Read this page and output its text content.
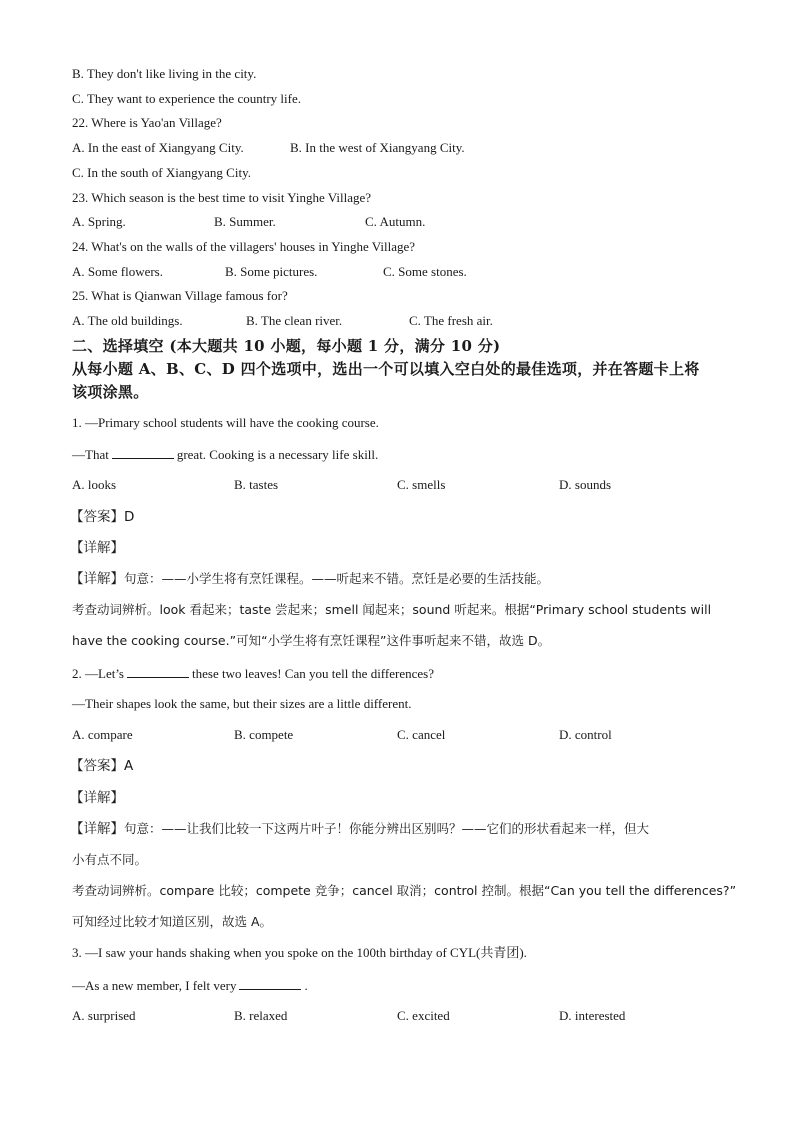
B. They don't like living in the city.
C. They want to experience the country life.
22. Where is Yao'an Village?
A. In the east of Xiangyang City.	B. In the west of Xiangyang City.
C. In the south of Xiangyang City.
23. Which season is the best time to visit Yinghe Village?
A. Spring.	B. Summer.	C. Autumn.
24. What's on the walls of the villagers' houses in Yinghe Village?
A. Some flowers.	B. Some pictures.	C. Some stones.
25. What is Qianwan Village famous for?
A. The old buildings.	B. The clean river.	C. The fresh air.
二、选择填空 (本大题共 10 小题，每小题 1 分，满分 10 分)
从每小题 A、B、C、D 四个选项中，选出一个可以填入空白处的最佳选项，并在答题卡上将
该项涂黑。
1. —Primary school students will have the cooking course.
—That	great. Cooking is a necessary life skill.
A. looks	B. tastes	C. smells	D. sounds
【答案】D
【详解】
【详解】句意：——小学生将有烹饪课程。——听起来不错。烹饪是必要的生活技能。
考查动词辨析。look 看起来；taste 尝起来；smell 闻起来；sound 听起来。根据“Primary school students will
have the cooking course.”可知“小学生将有烹饪课程”这件事听起来不错，故选 D。
2. —Let’s	these two leaves! Can you tell the differences?
—Their shapes look the same, but their sizes are a little different.
A. compare	B. compete	C. cancel	D. control
【答案】A
【详解】
【详解】句意：——让我们比较一下这两片叶子！你能分辨出区别吗？——它们的形状看起来一样，但大
小有点不同。
考查动词辨析。compare 比较；compete 竞争；cancel 取消；control 控制。根据“Can you tell the differences?”
可知经过比较才知道区别，故选 A。
3. —I saw your hands shaking when you spoke on the 100th birthday of CYL(共青团).
—As a new member, I felt very	.
A. surprised	B. relaxed	C. excited	D. interested
